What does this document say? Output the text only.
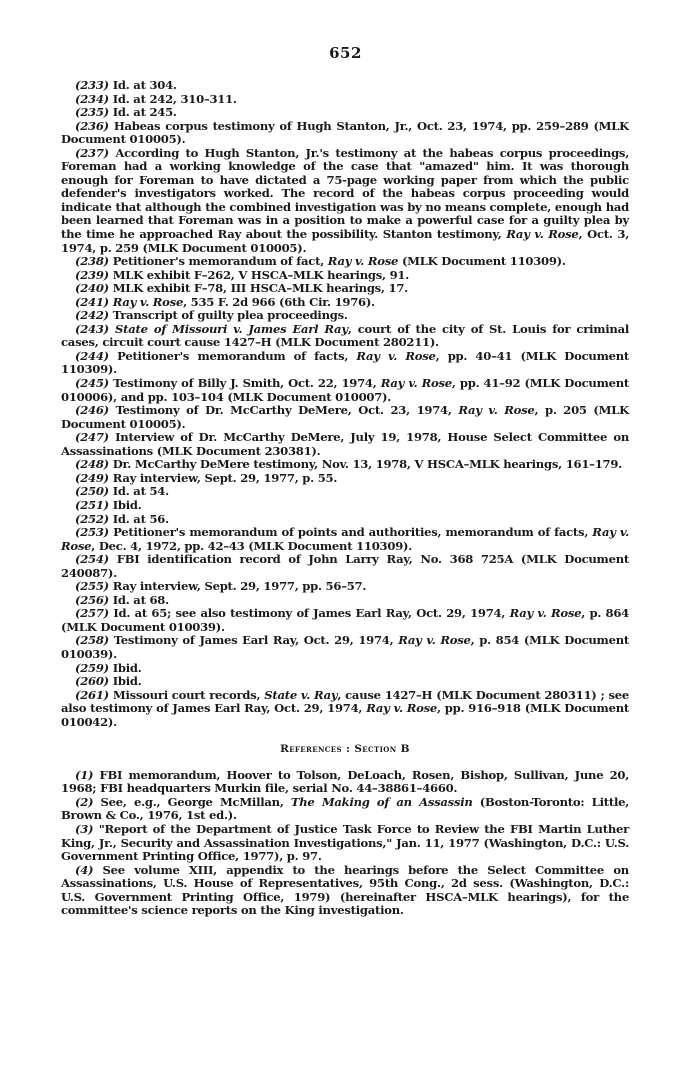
652

(233) Id. at 304.

(234) Id. at 242, 310–311.

(235) Id. at 245.

(236) Habeas corpus testimony of Hugh Stanton, Jr., Oct. 23, 1974, pp. 259–289 (MLK Document 010005).

(237) According to Hugh Stanton, Jr.'s testimony at the habeas corpus proceedings, Foreman had a working knowledge of the case that "amazed" him. It was thorough enough for Foreman to have dictated a 75-page working paper from which the public defender's investigators worked. The record of the habeas corpus proceeding would indicate that although the combined investigation was by no means complete, enough had been learned that Foreman was in a position to make a powerful case for a guilty plea by the time he approached Ray about the possibility. Stanton testimony, Ray v. Rose, Oct. 3, 1974, p. 259 (MLK Document 010005).

(238) Petitioner's memorandum of fact, Ray v. Rose (MLK Document 110309).

(239) MLK exhibit F–262, V HSCA–MLK hearings, 91.

(240) MLK exhibit F–78, III HSCA–MLK hearings, 17.

(241) Ray v. Rose, 535 F. 2d 966 (6th Cir. 1976).

(242) Transcript of guilty plea proceedings.

(243) State of Missouri v. James Earl Ray, court of the city of St. Louis for criminal cases, circuit court cause 1427–H (MLK Document 280211).

(244) Petitioner's memorandum of facts, Ray v. Rose, pp. 40–41 (MLK Document 110309).

(245) Testimony of Billy J. Smith, Oct. 22, 1974, Ray v. Rose, pp. 41–92 (MLK Document 010006), and pp. 103–104 (MLK Document 010007).

(246) Testimony of Dr. McCarthy DeMere, Oct. 23, 1974, Ray v. Rose, p. 205 (MLK Document 010005).

(247) Interview of Dr. McCarthy DeMere, July 19, 1978, House Select Committee on Assassinations (MLK Document 230381).

(248) Dr. McCarthy DeMere testimony, Nov. 13, 1978, V HSCA–MLK hearings, 161–179.

(249) Ray interview, Sept. 29, 1977, p. 55.

(250) Id. at 54.

(251) Ibid.

(252) Id. at 56.

(253) Petitioner's memorandum of points and authorities, memorandum of facts, Ray v. Rose, Dec. 4, 1972, pp. 42–43 (MLK Document 110309).

(254) FBI identification record of John Larry Ray, No. 368 725A (MLK Document 240087).

(255) Ray interview, Sept. 29, 1977, pp. 56–57.

(256) Id. at 68.

(257) Id. at 65; see also testimony of James Earl Ray, Oct. 29, 1974, Ray v. Rose, p. 864 (MLK Document 010039).

(258) Testimony of James Earl Ray, Oct. 29, 1974, Ray v. Rose, p. 854 (MLK Document 010039).

(259) Ibid.

(260) Ibid.

(261) Missouri court records, State v. Ray, cause 1427–H (MLK Document 280311) ; see also testimony of James Earl Ray, Oct. 29, 1974, Ray v. Rose, pp. 916–918 (MLK Document 010042).

References : Section B

(1) FBI memorandum, Hoover to Tolson, DeLoach, Rosen, Bishop, Sullivan, June 20, 1968; FBI headquarters Murkin file, serial No. 44–38861–4660.

(2) See, e.g., George McMillan, The Making of an Assassin (Boston-Toronto: Little, Brown & Co., 1976, 1st ed.).

(3) "Report of the Department of Justice Task Force to Review the FBI Martin Luther King, Jr., Security and Assassination Investigations," Jan. 11, 1977 (Washington, D.C.: U.S. Government Printing Office, 1977), p. 97.

(4) See volume XIII, appendix to the hearings before the Select Committee on Assassinations, U.S. House of Representatives, 95th Cong., 2d sess. (Washington, D.C.: U.S. Government Printing Office, 1979) (hereinafter HSCA–MLK hearings), for the committee's science reports on the King investigation.
